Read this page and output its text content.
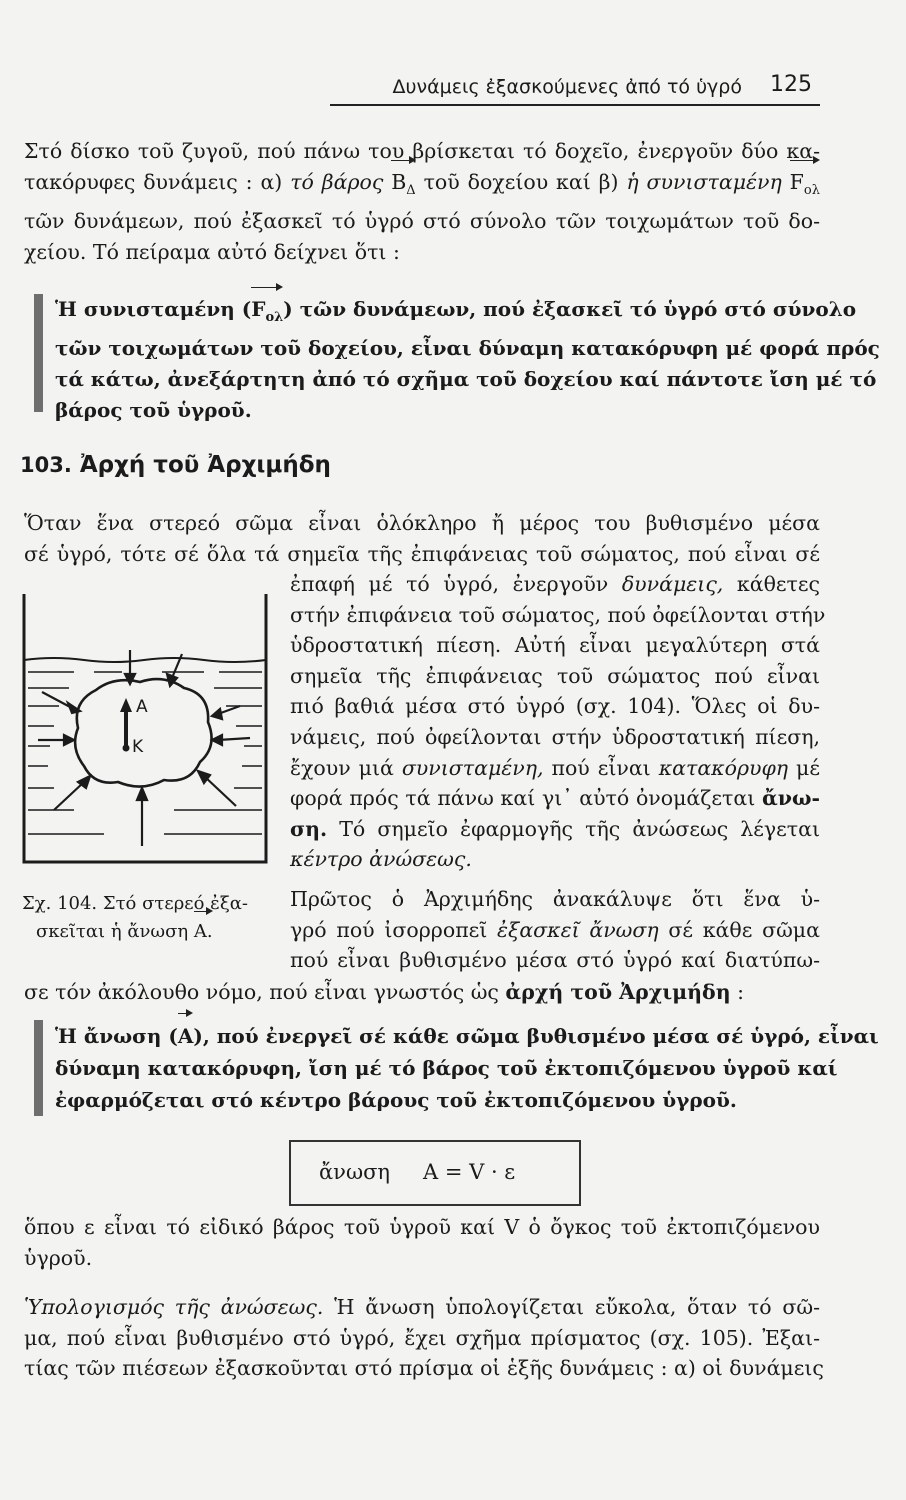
Δυνάμεις ἐξασκούμενες ἀπό τό ὑγρό 125
Στό δίσκο τοῦ ζυγοῦ, πού πάνω του βρίσκεται τό δοχεῖο, ἐνεργοῦν δύο κα-
τακόρυφες δυνάμεις : α) τό βάρος $B_\Delta$ τοῦ δοχείου καί β) ἡ συνισταμένη $F_{o\lambda}$
τῶν δυνάμεων, πού ἐξασκεῖ τό ὑγρό στό σύνολο τῶν τοιχωμάτων τοῦ δο-
χείου. Τό πείραμα αὐτό δείχνει ὅτι :
Ἡ συνισταμένη $(F_{o\lambda})$ τῶν δυνάμεων, πού ἐξασκεῖ τό ὑγρό στό σύνολο
τῶν τοιχωμάτων τοῦ δοχείου, εἶναι δύναμη κατακόρυφη μέ φορά πρός
τά κάτω, ἀνεξάρτητη ἀπό τό σχῆμα τοῦ δοχείου καί πάντοτε ἴση μέ τό
βάρος τοῦ ὑγροῦ.
103. Ἀρχή τοῦ Ἀρχιμήδη
Ὅταν ἕνα στερεό σῶμα εἶναι ὁλόκληρο ἤ μέρος του βυθισμένο μέσα
σέ ὑγρό, τότε σέ ὅλα τά σημεῖα τῆς ἐπιφάνειας τοῦ σώματος, πού εἶναι σέ
ἐπαφή μέ τό ὑγρό, ἐνεργοῦν δυνάμεις, κάθετες
στήν ἐπιφάνεια τοῦ σώματος, πού ὀφείλονται στήν
ὑδροστατική πίεση. Αὐτή εἶναι μεγαλύτερη στά
σημεῖα τῆς ἐπιφάνειας τοῦ σώματος πού εἶναι
πιό βαθιά μέσα στό ὑγρό (σχ. 104). Ὅλες οἱ δυ-
νάμεις, πού ὀφείλονται στήν ὑδροστατική πίεση,
ἔχουν μιά συνισταμένη, πού εἶναι κατακόρυφη μέ
φορά πρός τά πάνω καί γι᾿ αὐτό ὀνομάζεται ἄνω-
ση. Τό σημεῖο ἐφαρμογῆς τῆς ἀνώσεως λέγεται
κέντρο ἀνώσεως.
Α
Κ
Σχ. 104. Στό στερεό ἐξα-
σκεῖται ἡ ἄνωση Α.
Πρῶτος ὁ Ἀρχιμήδης ἀνακάλυψε ὅτι ἕνα ὑ-
γρό πού ἰσορροπεῖ ἐξασκεῖ ἄνωση σέ κάθε σῶμα
πού εἶναι βυθισμένο μέσα στό ὑγρό καί διατύπω-
σε τόν ἀκόλουθο νόμο, πού εἶναι γνωστός ὡς ἀρχή τοῦ Ἀρχιμήδη :
Ἡ ἄνωση (A), πού ἐνεργεῖ σέ κάθε σῶμα βυθισμένο μέσα σέ ὑγρό, εἶναι
δύναμη κατακόρυφη, ἴση μέ τό βάρος τοῦ ἐκτοπιζόμενου ὑγροῦ καί
ἐφαρμόζεται στό κέντρο βάρους τοῦ ἐκτοπιζόμενου ὑγροῦ.
ἄνωση A = V · ε
ὅπου ε εἶναι τό εἰδικό βάρος τοῦ ὑγροῦ καί V ὁ ὄγκος τοῦ ἐκτοπιζόμενου
ὑγροῦ.
Ὑπολογισμός τῆς ἀνώσεως. Ἡ ἄνωση ὑπολογίζεται εὔκολα, ὅταν τό σῶ-
μα, πού εἶναι βυθισμένο στό ὑγρό, ἔχει σχῆμα πρίσματος (σχ. 105). Ἐξαι-
τίας τῶν πιέσεων ἐξασκοῦνται στό πρίσμα οἱ ἑξῆς δυνάμεις : α) οἱ δυνάμεις
